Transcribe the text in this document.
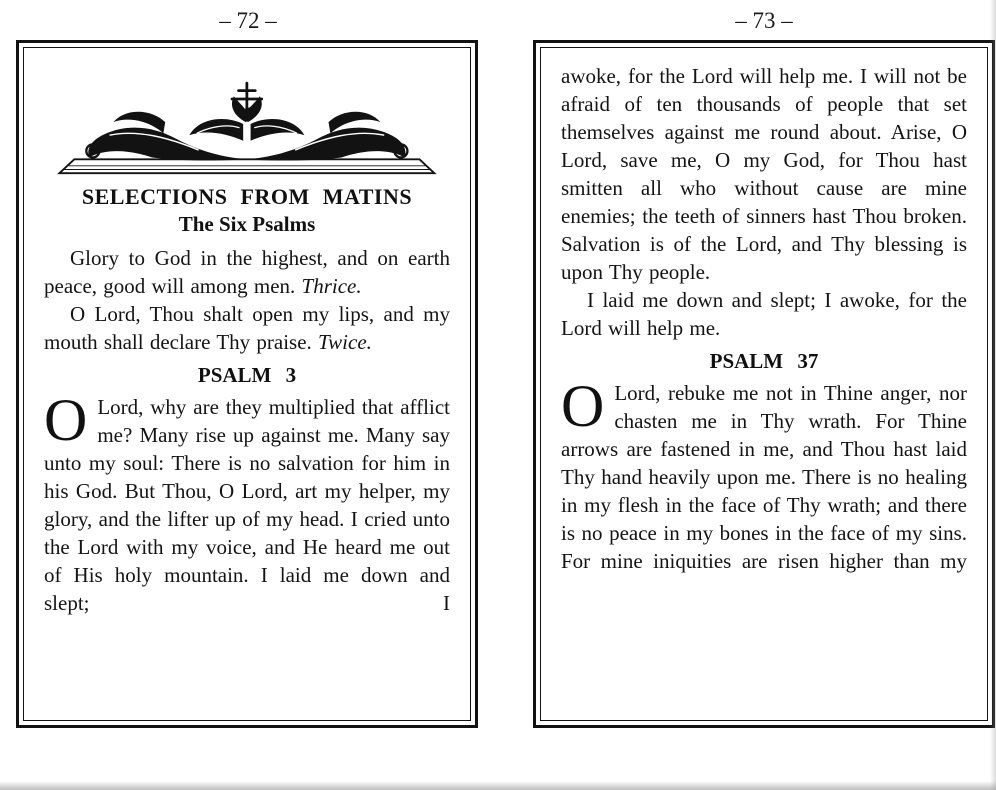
– 72 –	– 73 –
SELECTIONS FROM MATINS
The Six Psalms

Glory to God in the highest, and on earth peace, good will among men. Thrice.

O Lord, Thou shalt open my lips, and my mouth shall declare Thy praise. Twice.

PSALM 3

O Lord, why are they multiplied that afflict me? Many rise up against me. Many say unto my soul: There is no salvation for him in his God. But Thou, O Lord, art my helper, my glory, and the lifter up of my head. I cried unto the Lord with my voice, and He heard me out of His holy mountain. I laid me down and slept; I

awoke, for the Lord will help me. I will not be afraid of ten thousands of people that set themselves against me round about. Arise, O Lord, save me, O my God, for Thou hast smitten all who without cause are mine enemies; the teeth of sinners hast Thou broken. Salvation is of the Lord, and Thy blessing is upon Thy people.

I laid me down and slept; I awoke, for the Lord will help me.

PSALM 37

O Lord, rebuke me not in Thine anger, nor chasten me in Thy wrath. For Thine arrows are fastened in me, and Thou hast laid Thy hand heavily upon me. There is no healing in my flesh in the face of Thy wrath; and there is no peace in my bones in the face of my sins. For mine iniquities are risen higher than my
